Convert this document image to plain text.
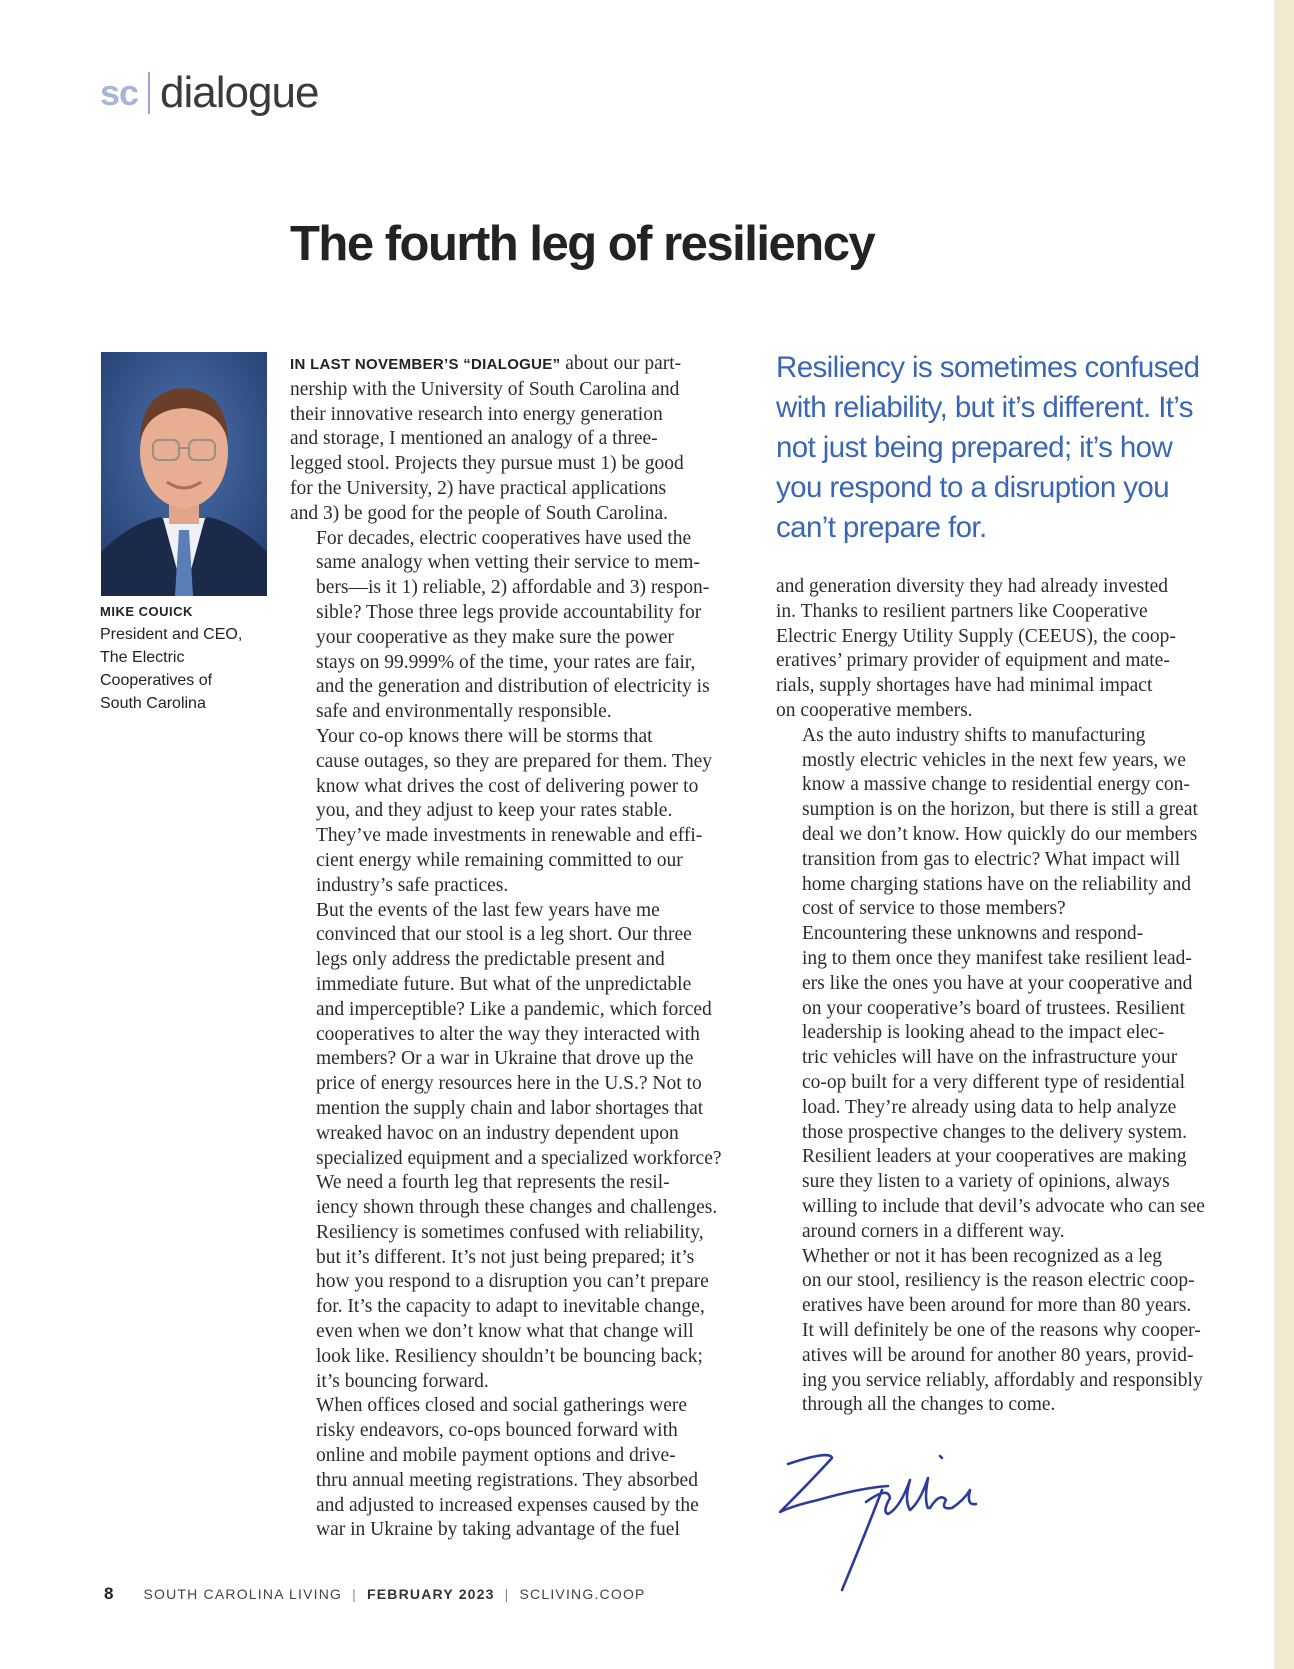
sc dialogue
The fourth leg of resiliency
MIKE COUICK
President and CEO,
The Electric
Cooperatives of
South Carolina

IN LAST NOVEMBER’S “DIALOGUE” about our part-
nership with the University of South Carolina and
their innovative research into energy generation
and storage, I mentioned an analogy of a three-
legged stool. Projects they pursue must 1) be good
for the University, 2) have practical applications
and 3) be good for the people of South Carolina.

For decades, electric cooperatives have used the
same analogy when vetting their service to mem-
bers—is it 1) reliable, 2) affordable and 3) respon-
sible? Those three legs provide accountability for
your cooperative as they make sure the power
stays on 99.999% of the time, your rates are fair,
and the generation and distribution of electricity is
safe and environmentally responsible.

Your co-op knows there will be storms that
cause outages, so they are prepared for them. They
know what drives the cost of delivering power to
you, and they adjust to keep your rates stable.
They’ve made investments in renewable and effi-
cient energy while remaining committed to our
industry’s safe practices.

But the events of the last few years have me
convinced that our stool is a leg short. Our three
legs only address the predictable present and
immediate future. But what of the unpredictable
and imperceptible? Like a pandemic, which forced
cooperatives to alter the way they interacted with
members? Or a war in Ukraine that drove up the
price of energy resources here in the U.S.? Not to
mention the supply chain and labor shortages that
wreaked havoc on an industry dependent upon
specialized equipment and a specialized workforce?

We need a fourth leg that represents the resil-
iency shown through these changes and challenges.
Resiliency is sometimes confused with reliability,
but it’s different. It’s not just being prepared; it’s
how you respond to a disruption you can’t prepare
for. It’s the capacity to adapt to inevitable change,
even when we don’t know what that change will
look like. Resiliency shouldn’t be bouncing back;
it’s bouncing forward.

When offices closed and social gatherings were
risky endeavors, co-ops bounced forward with
online and mobile payment options and drive-
thru annual meeting registrations. They absorbed
and adjusted to increased expenses caused by the
war in Ukraine by taking advantage of the fuel

Resiliency is sometimes confused
with reliability, but it’s different. It’s
not just being prepared; it’s how
you respond to a disruption you
can’t prepare for.

and generation diversity they had already invested
in. Thanks to resilient partners like Cooperative
Electric Energy Utility Supply (CEEUS), the coop-
eratives’ primary provider of equipment and mate-
rials, supply shortages have had minimal impact
on cooperative members.

As the auto industry shifts to manufacturing
mostly electric vehicles in the next few years, we
know a massive change to residential energy con-
sumption is on the horizon, but there is still a great
deal we don’t know. How quickly do our members
transition from gas to electric? What impact will
home charging stations have on the reliability and
cost of service to those members?

Encountering these unknowns and respond-
ing to them once they manifest take resilient lead-
ers like the ones you have at your cooperative and
on your cooperative’s board of trustees. Resilient
leadership is looking ahead to the impact elec-
tric vehicles will have on the infrastructure your
co-op built for a very different type of residential
load. They’re already using data to help analyze
those prospective changes to the delivery system.
Resilient leaders at your cooperatives are making
sure they listen to a variety of opinions, always
willing to include that devil’s advocate who can see
around corners in a different way.

Whether or not it has been recognized as a leg
on our stool, resiliency is the reason electric coop-
eratives have been around for more than 80 years.
It will definitely be one of the reasons why cooper-
atives will be around for another 80 years, provid-
ing you service reliably, affordably and responsibly
through all the changes to come.

8 SOUTH CAROLINA LIVING | FEBRUARY 2023 | SCLIVING.COOP
